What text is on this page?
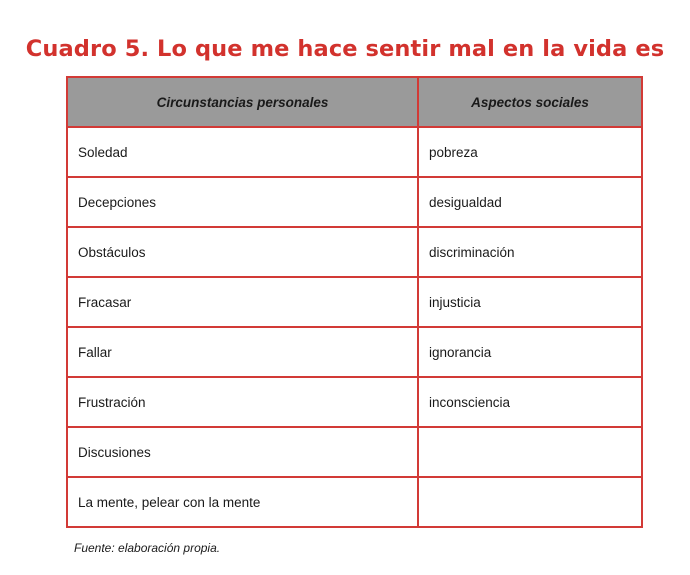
Cuadro 5. Lo que me hace sentir mal en la vida es
Circunstancias personales	Aspectos sociales
Soledad	pobreza
Decepciones	desigualdad
Obstáculos	discriminación
Fracasar	injusticia
Fallar	ignorancia
Frustración	inconsciencia
Discusiones	
La mente, pelear con la mente	
Fuente: elaboración propia.
